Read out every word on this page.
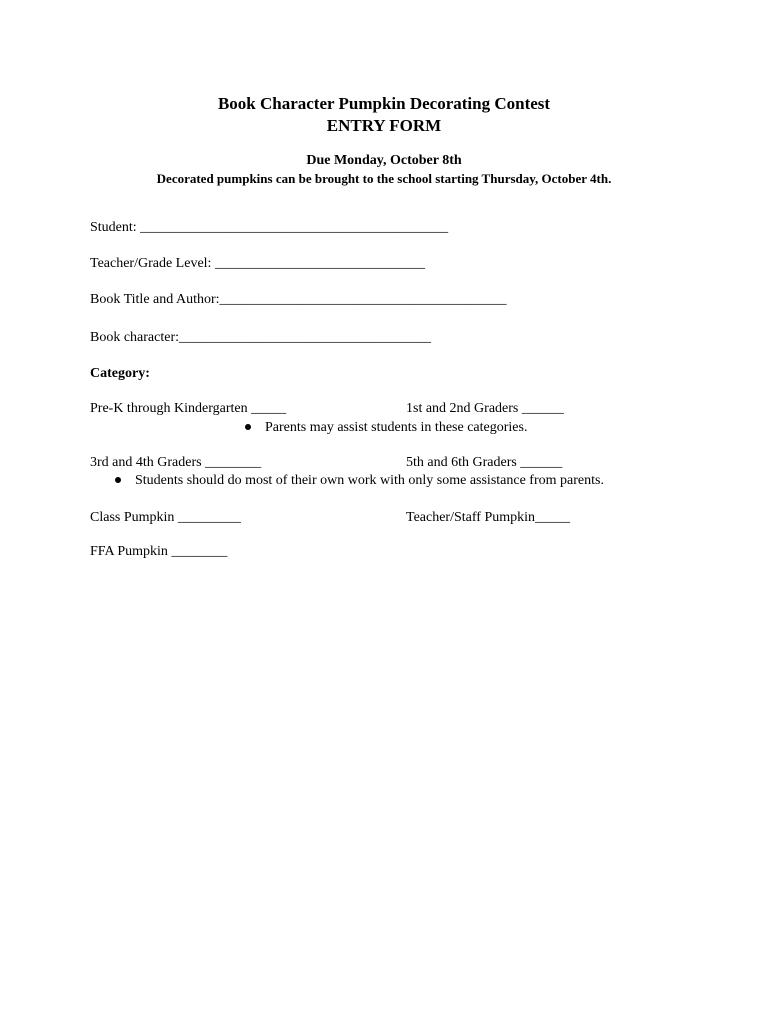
Book Character Pumpkin Decorating Contest
ENTRY FORM
Due Monday, October 8th
Decorated pumpkins can be brought to the school starting Thursday, October 4th.
Student: ____________________________________________
Teacher/Grade Level: ______________________________
Book Title and Author:_________________________________________
Book character:____________________________________
Category:
Pre-K through Kindergarten _____	1st and 2nd Graders ______
Parents may assist students in these categories.
3rd and 4th Graders ________	5th and 6th Graders ______
Students should do most of their own work with only some assistance from parents.
Class Pumpkin _________	Teacher/Staff Pumpkin_____
FFA Pumpkin ________
